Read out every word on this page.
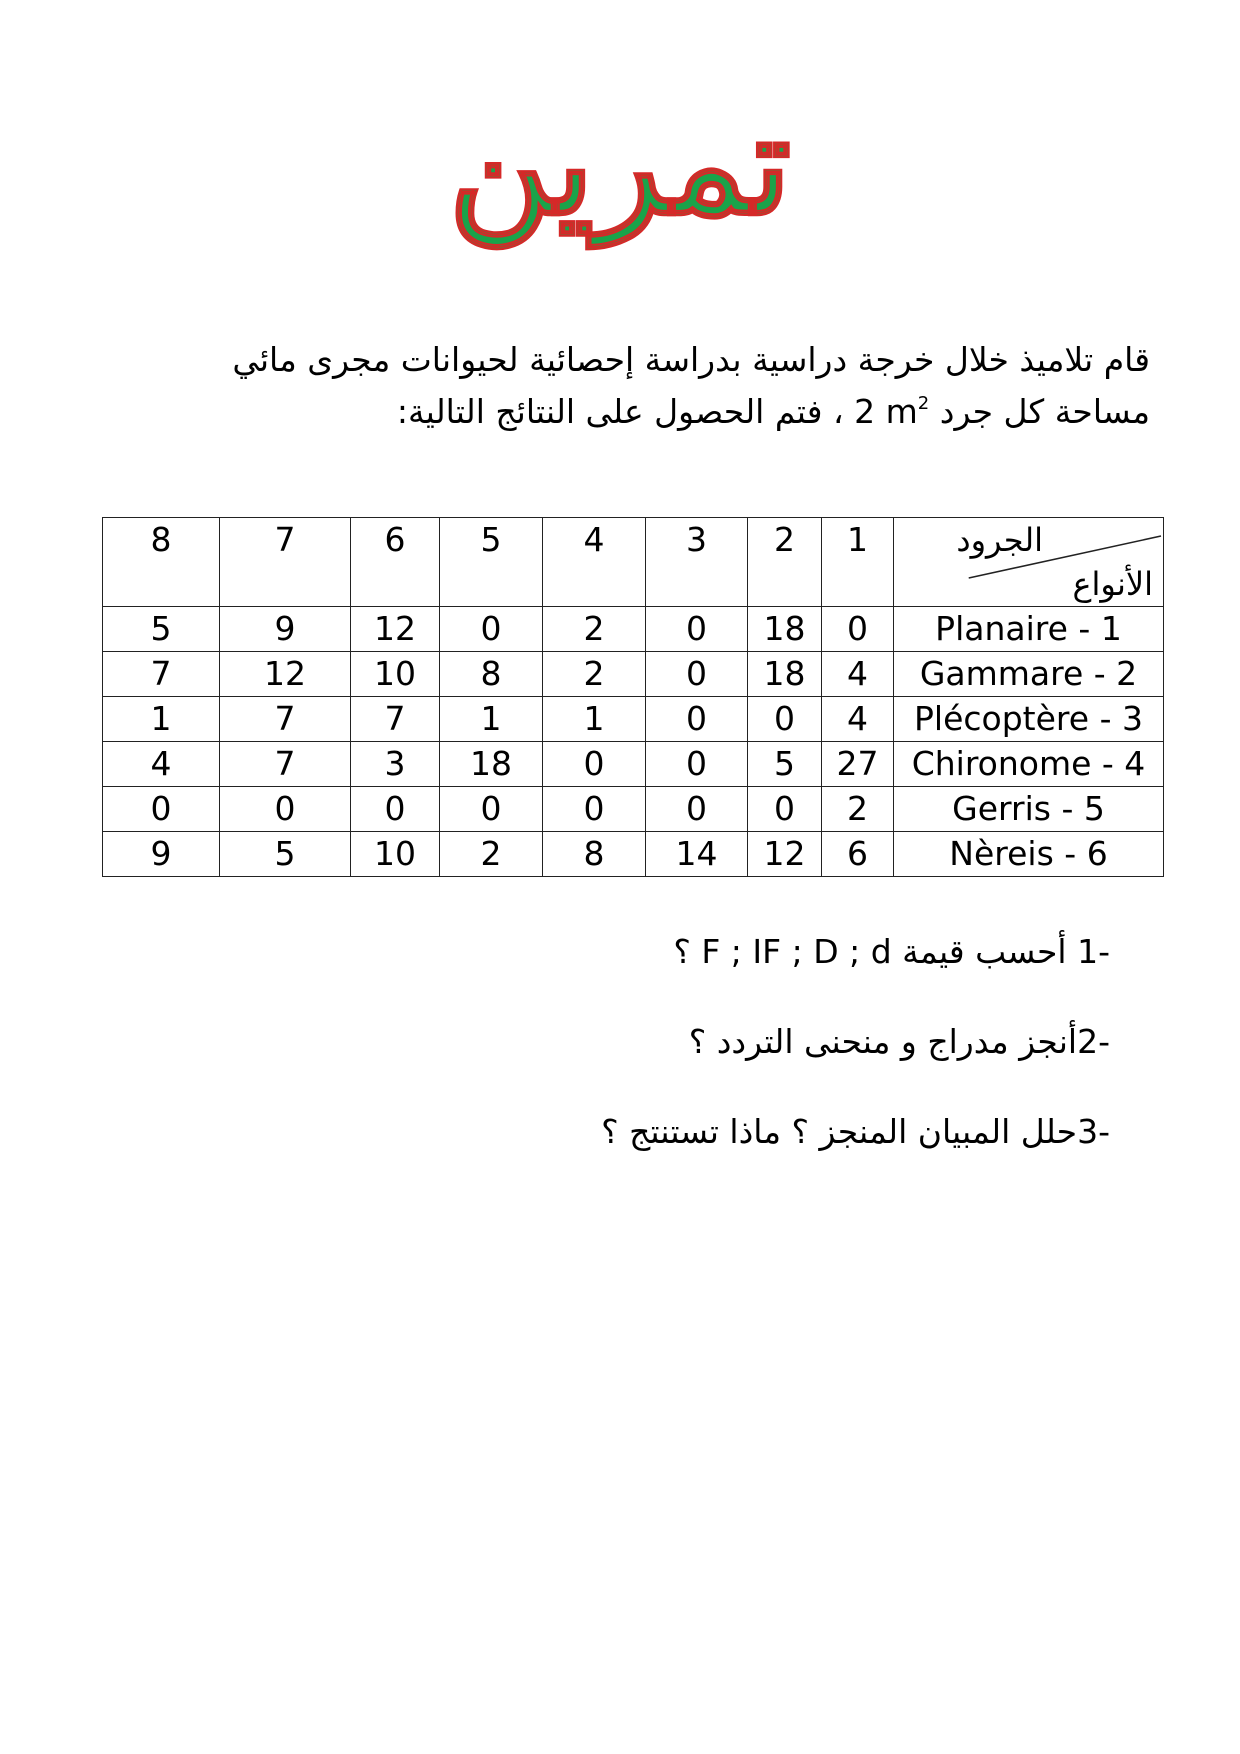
تمرين

قام تلاميذ خلال خرجة دراسية بدراسة إحصائية لحيوانات مجرى مائي

مساحة كل جرد 2 $m^2$ ، فتم الحصول على النتائج التالية:

8	7	6	5	4	3	2	1	الجرود
الأنواع

5	9	12	0	2	0	18	0	1 - Planaire
7	12	10	8	2	0	18	4	2 - Gammare
1	7	7	1	1	0	0	4	3 - Plécoptère
4	7	3	18	0	0	5	27	4 - Chironome
0	0	0	0	0	0	0	2	5 - Gerris
9	5	10	2	8	14	12	6	6 - Nèreis

1- أحسب قيمة F ; IF ; D ; d ؟

2-أنجز مدراج و منحنى التردد ؟

3-حلل المبيان المنجز ؟ ماذا تستنتج ؟
